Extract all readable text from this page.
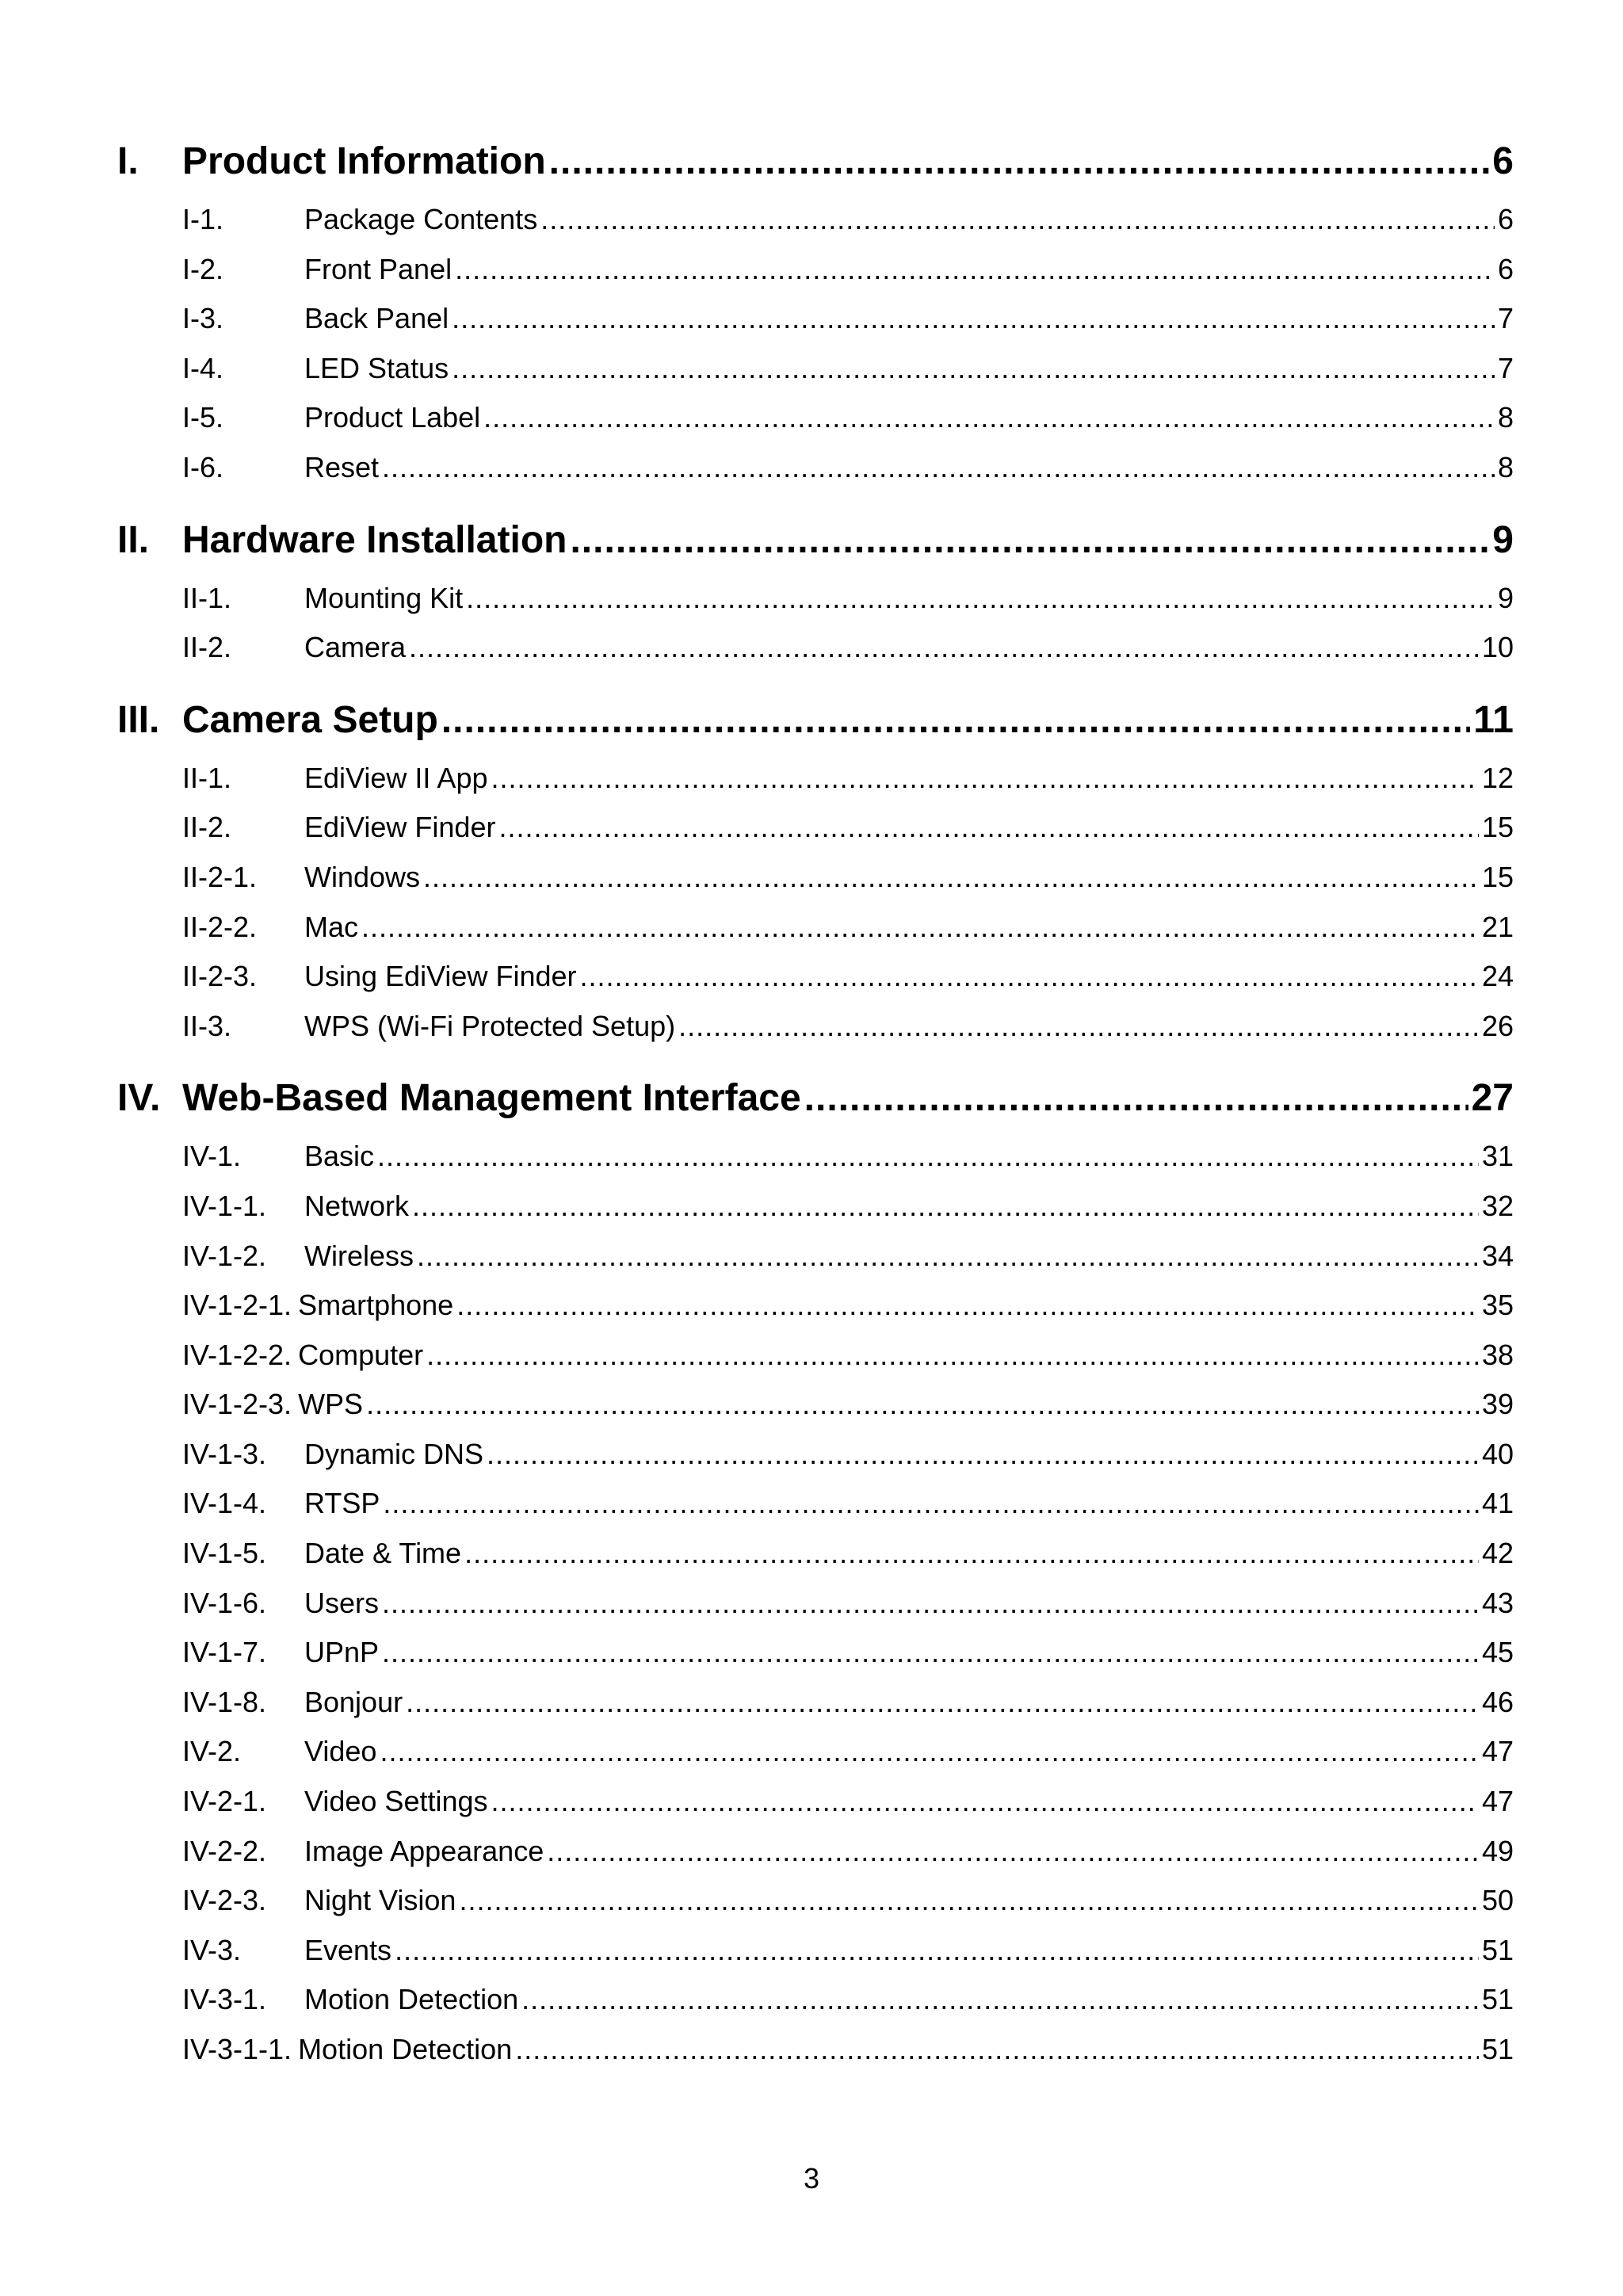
I.	Product Information .....	6
I-1.	Package Contents .....	6
I-2.	Front Panel .....	6
I-3.	Back Panel .....	7
I-4.	LED Status .....	7
I-5.	Product Label .....	8
I-6.	Reset .....	8
II. Hardware Installation .....	9
II-1.	Mounting Kit .....	9
II-2.	Camera .....	10
III. Camera Setup .....	11
II-1.	EdiView II App .....	12
II-2.	EdiView Finder .....	15
II-2-1.	Windows .....	15
II-2-2.	Mac .....	21
II-2-3.	Using EdiView Finder .....	24
II-3.	WPS (Wi-Fi Protected Setup) .....	26
IV. Web-Based Management Interface .....	27
IV-1.	Basic .....	31
IV-1-1.	Network .....	32
IV-1-2.	Wireless .....	34
IV-1-2-1. Smartphone .....	35
IV-1-2-2. Computer .....	38
IV-1-2-3. WPS .....	39
IV-1-3.	Dynamic DNS .....	40
IV-1-4.	RTSP .....	41
IV-1-5.	Date & Time .....	42
IV-1-6.	Users .....	43
IV-1-7.	UPnP .....	45
IV-1-8.	Bonjour .....	46
IV-2.	Video .....	47
IV-2-1.	Video Settings .....	47
IV-2-2.	Image Appearance .....	49
IV-2-3.	Night Vision .....	50
IV-3.	Events .....	51
IV-3-1.	Motion Detection .....	51
IV-3-1-1. Motion Detection .....	51
3
